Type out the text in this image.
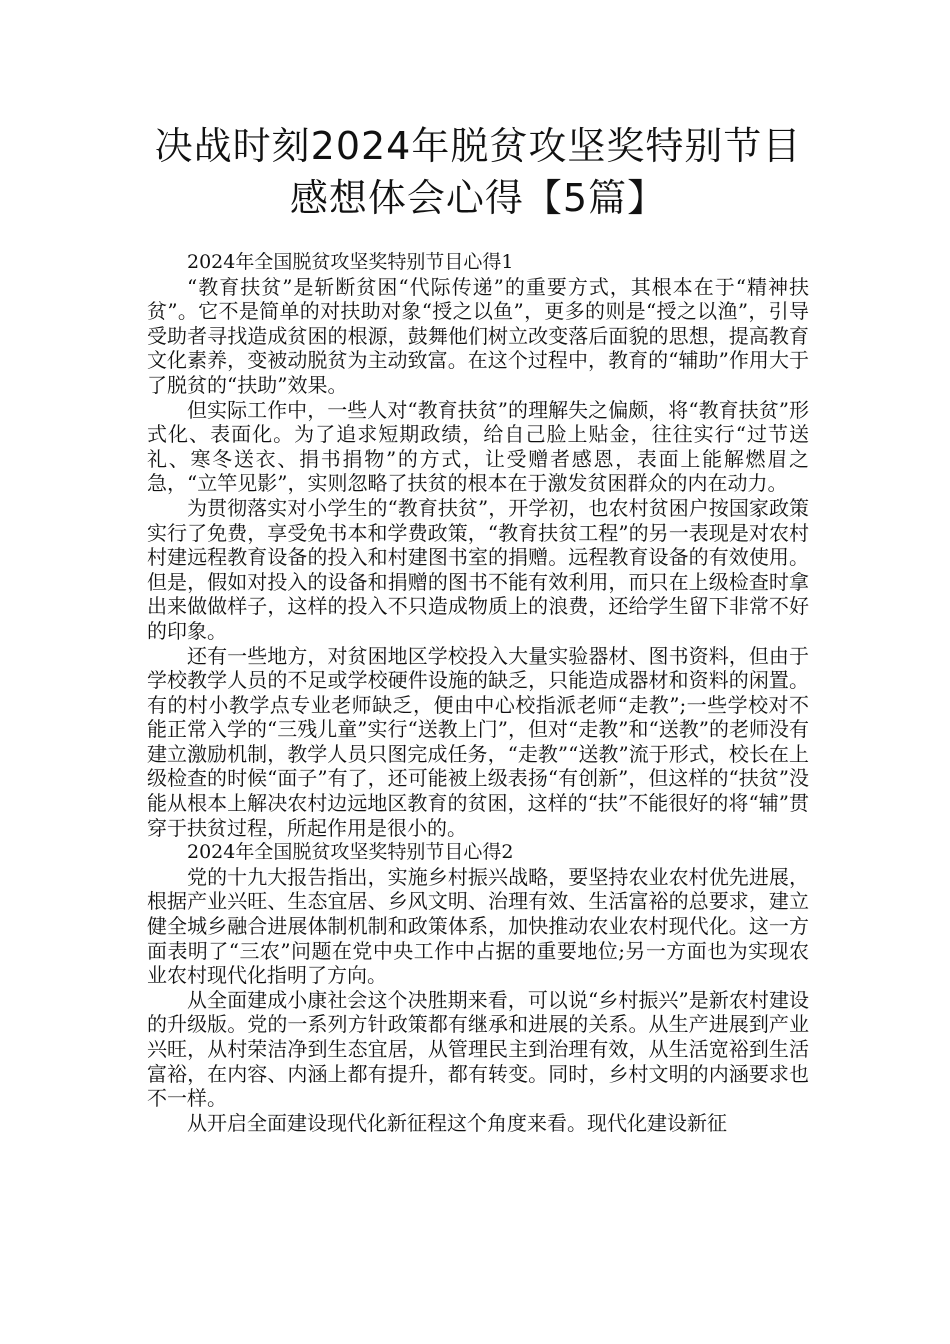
决战时刻2024年脱贫攻坚奖特别节目
感想体会心得【5篇】
2024年全国脱贫攻坚奖特别节目心得1

“教育扶贫”是斩断贫困“代际传递”的重要方式，其根本在于“精神扶贫”。它不是简单的对扶助对象“授之以鱼”，更多的则是“授之以渔”，引导受助者寻找造成贫困的根源，鼓舞他们树立改变落后面貌的思想，提高教育文化素养，变被动脱贫为主动致富。在这个过程中，教育的“辅助”作用大于了脱贫的“扶助”效果。

但实际工作中，一些人对“教育扶贫”的理解失之偏颇，将“教育扶贫”形式化、表面化。为了追求短期政绩，给自己脸上贴金，往往实行“过节送礼、寒冬送衣、捐书捐物”的方式，让受赠者感恩，表面上能解燃眉之急，“立竿见影”，实则忽略了扶贫的根本在于激发贫困群众的内在动力。

为贯彻落实对小学生的“教育扶贫”，开学初，也农村贫困户按国家政策实行了免费，享受免书本和学费政策，“教育扶贫工程”的另一表现是对农村村建远程教育设备的投入和村建图书室的捐赠。远程教育设备的有效使用。但是，假如对投入的设备和捐赠的图书不能有效利用，而只在上级检查时拿出来做做样子，这样的投入不只造成物质上的浪费，还给学生留下非常不好的印象。

还有一些地方，对贫困地区学校投入大量实验器材、图书资料，但由于学校教学人员的不足或学校硬件设施的缺乏，只能造成器材和资料的闲置。有的村小教学点专业老师缺乏，便由中心校指派老师“走教”;一些学校对不能正常入学的“三残儿童”实行“送教上门”，但对“走教”和“送教”的老师没有建立激励机制，教学人员只图完成任务，“走教”“送教”流于形式，校长在上级检查的时候“面子”有了，还可能被上级表扬“有创新”，但这样的“扶贫”没能从根本上解决农村边远地区教育的贫困，这样的“扶”不能很好的将“辅”贯穿于扶贫过程，所起作用是很小的。

2024年全国脱贫攻坚奖特别节目心得2

党的十九大报告指出，实施乡村振兴战略，要坚持农业农村优先进展，根据产业兴旺、生态宜居、乡风文明、治理有效、生活富裕的总要求，建立健全城乡融合进展体制机制和政策体系，加快推动农业农村现代化。这一方面表明了“三农”问题在党中央工作中占据的重要地位;另一方面也为实现农业农村现代化指明了方向。

从全面建成小康社会这个决胜期来看，可以说“乡村振兴”是新农村建设的升级版。党的一系列方针政策都有继承和进展的关系。从生产进展到产业兴旺，从村荣洁净到生态宜居，从管理民主到治理有效，从生活宽裕到生活富裕，在内容、内涵上都有提升，都有转变。同时，乡村文明的内涵要求也不一样。

从开启全面建设现代化新征程这个角度来看。现代化建设新征
